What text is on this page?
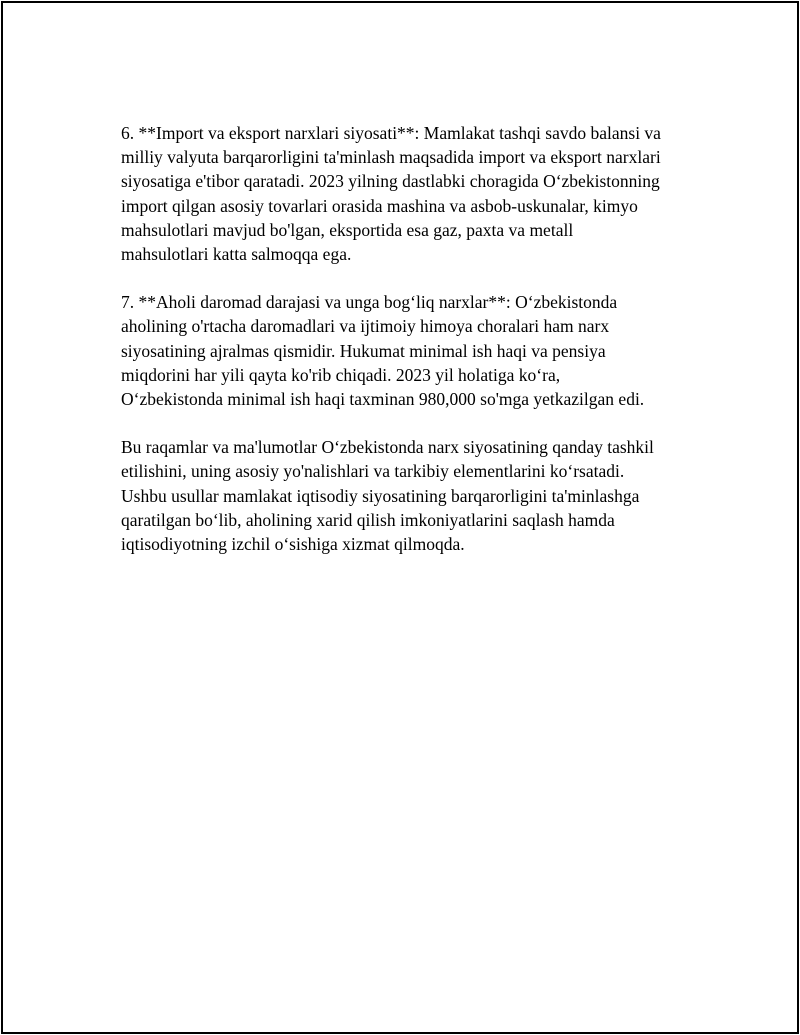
6. **Import va eksport narxlari siyosati**: Mamlakat tashqi savdo balansi va
milliy valyuta barqarorligini ta'minlash maqsadida import va eksport narxlari
siyosatiga e'tibor qaratadi. 2023 yilning dastlabki choragida O‘zbekistonning
import qilgan asosiy tovarlari orasida mashina va asbob-uskunalar, kimyo
mahsulotlari mavjud bo'lgan, eksportida esa gaz, paxta va metall
mahsulotlari katta salmoqqa ega.

7. **Aholi daromad darajasi va unga bog‘liq narxlar**: O‘zbekistonda
aholining o'rtacha daromadlari va ijtimoiy himoya choralari ham narx
siyosatining ajralmas qismidir. Hukumat minimal ish haqi va pensiya
miqdorini har yili qayta ko'rib chiqadi. 2023 yil holatiga ko‘ra,
O‘zbekistonda minimal ish haqi taxminan 980,000 so'mga yetkazilgan edi.

Bu raqamlar va ma'lumotlar O‘zbekistonda narx siyosatining qanday tashkil
etilishini, uning asosiy yo'nalishlari va tarkibiy elementlarini ko‘rsatadi.
Ushbu usullar mamlakat iqtisodiy siyosatining barqarorligini ta'minlashga
qaratilgan bo‘lib, aholining xarid qilish imkoniyatlarini saqlash hamda
iqtisodiyotning izchil o‘sishiga xizmat qilmoqda.
